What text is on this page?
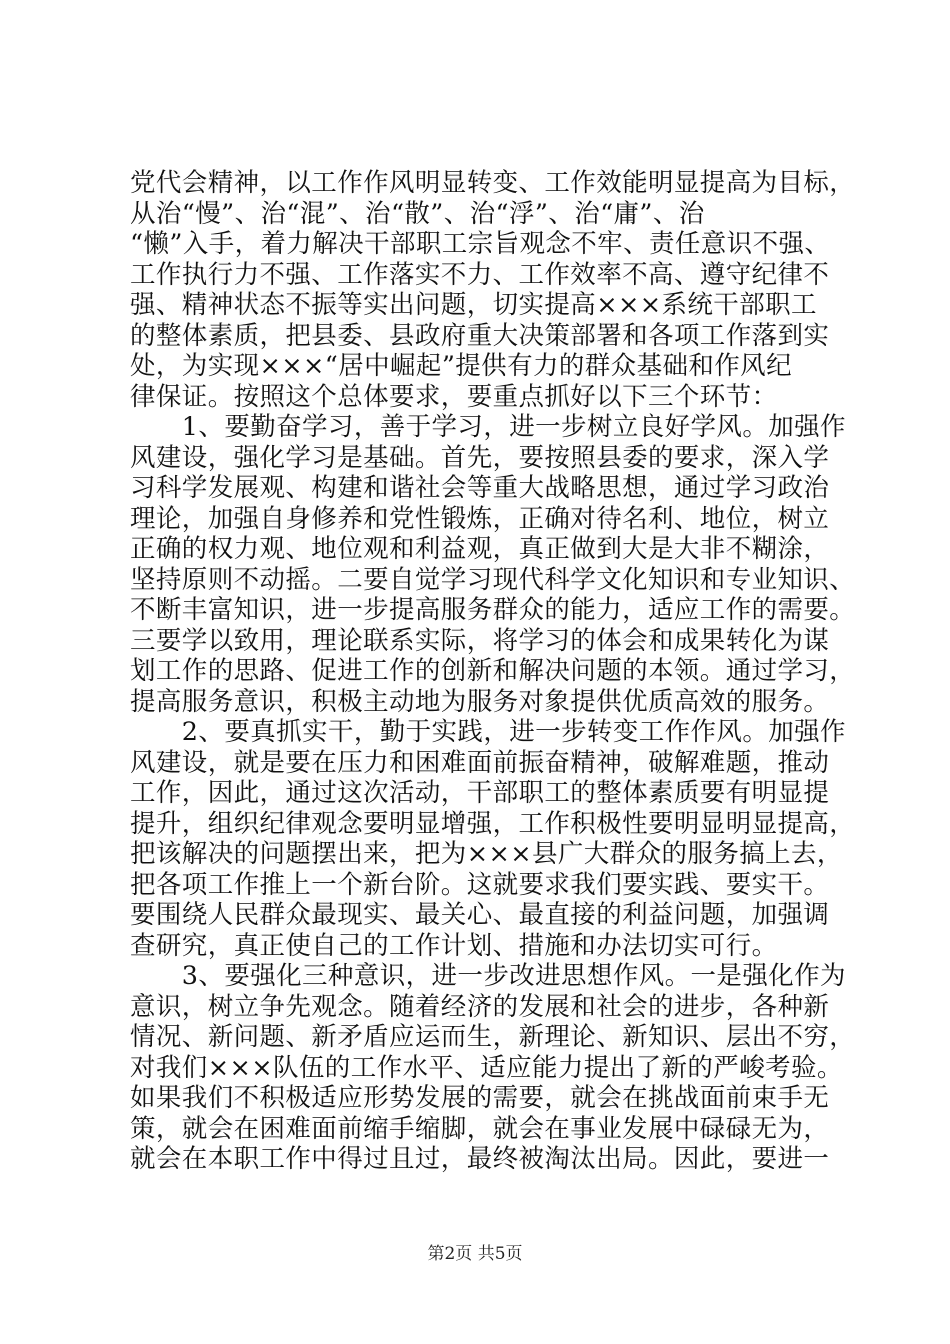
党代会精神，以工作作风明显转变、工作效能明显提高为目标，
从治“慢”、治“混”、治“散”、治“浮”、治“庸”、治
“懒”入手，着力解决干部职工宗旨观念不牢、责任意识不强、
工作执行力不强、工作落实不力、工作效率不高、遵守纪律不
强、精神状态不振等实出问题，切实提高×××系统干部职工
的整体素质，把县委、县政府重大决策部署和各项工作落到实
处，为实现×××“居中崛起”提供有力的群众基础和作风纪
律保证。按照这个总体要求，要重点抓好以下三个环节：
　　1、要勤奋学习，善于学习，进一步树立良好学风。加强作
风建设，强化学习是基础。首先，要按照县委的要求，深入学
习科学发展观、构建和谐社会等重大战略思想，通过学习政治
理论，加强自身修养和党性锻炼，正确对待名利、地位，树立
正确的权力观、地位观和利益观，真正做到大是大非不糊涂，
坚持原则不动摇。二要自觉学习现代科学文化知识和专业知识、
不断丰富知识，进一步提高服务群众的能力，适应工作的需要。
三要学以致用，理论联系实际，将学习的体会和成果转化为谋
划工作的思路、促进工作的创新和解决问题的本领。通过学习，
提高服务意识，积极主动地为服务对象提供优质高效的服务。
　　2、要真抓实干，勤于实践，进一步转变工作作风。加强作
风建设，就是要在压力和困难面前振奋精神，破解难题，推动
工作，因此，通过这次活动，干部职工的整体素质要有明显提
提升，组织纪律观念要明显增强，工作积极性要明显明显提高，
把该解决的问题摆出来，把为×××县广大群众的服务搞上去，
把各项工作推上一个新台阶。这就要求我们要实践、要实干。
要围绕人民群众最现实、最关心、最直接的利益问题，加强调
查研究，真正使自己的工作计划、措施和办法切实可行。
　　3、要强化三种意识，进一步改进思想作风。一是强化作为
意识，树立争先观念。随着经济的发展和社会的进步，各种新
情况、新问题、新矛盾应运而生，新理论、新知识、层出不穷，
对我们×××队伍的工作水平、适应能力提出了新的严峻考验。
如果我们不积极适应形势发展的需要，就会在挑战面前束手无
策，就会在困难面前缩手缩脚，就会在事业发展中碌碌无为，
就会在本职工作中得过且过，最终被淘汰出局。因此，要进一
第2页 共5页
